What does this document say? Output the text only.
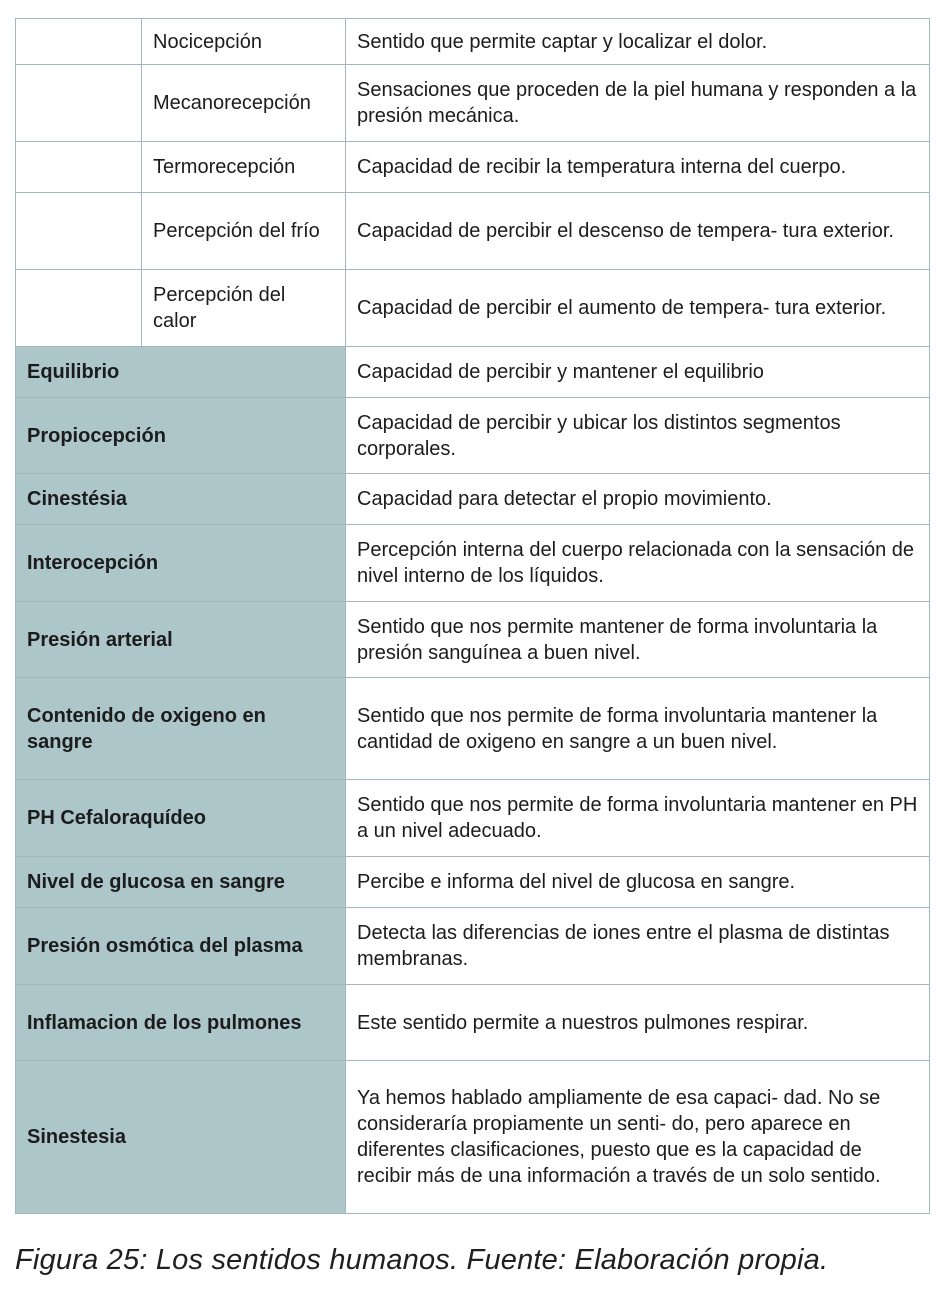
	Nocicepción	Sentido que permite captar y localizar el dolor.
	Mecanorecepción	Sensaciones que proceden de la piel humana y responden a la presión mecánica.
	Termorecepción	Capacidad de recibir la temperatura interna del cuerpo.
	Percepción del frío	Capacidad de percibir el descenso de tempera- tura exterior.
	Percepción del calor	Capacidad de percibir el aumento de tempera- tura exterior.
Equilibrio		Capacidad de percibir y mantener el equilibrio
Propiocepción		Capacidad de percibir y ubicar los distintos segmentos corporales.
Cinestésia		Capacidad para detectar el propio movimiento.
Interocepción		Percepción interna del cuerpo relacionada con la sensación de nivel interno de los líquidos.
Presión arterial		Sentido que nos permite mantener de forma involuntaria la presión sanguínea a buen nivel.
Contenido de oxigeno en sangre		Sentido que nos permite de forma involuntaria mantener la cantidad de oxigeno en sangre a un buen nivel.
PH Cefaloraquídeo		Sentido que nos permite de forma involuntaria mantener en PH a un nivel adecuado.
Nivel de glucosa en sangre		Percibe e informa del nivel de glucosa en sangre.
Presión osmótica del plasma		Detecta las diferencias de iones entre el plasma de distintas membranas.
Inflamacion de los pulmones		Este sentido permite a nuestros pulmones respirar.
Sinestesia		Ya hemos hablado ampliamente de esa capaci- dad. No se consideraría propiamente un senti- do, pero aparece en diferentes clasificaciones, puesto que es la capacidad de recibir más de una información a través de un solo sentido.
Figura 25: Los sentidos humanos. Fuente: Elaboración propia.
